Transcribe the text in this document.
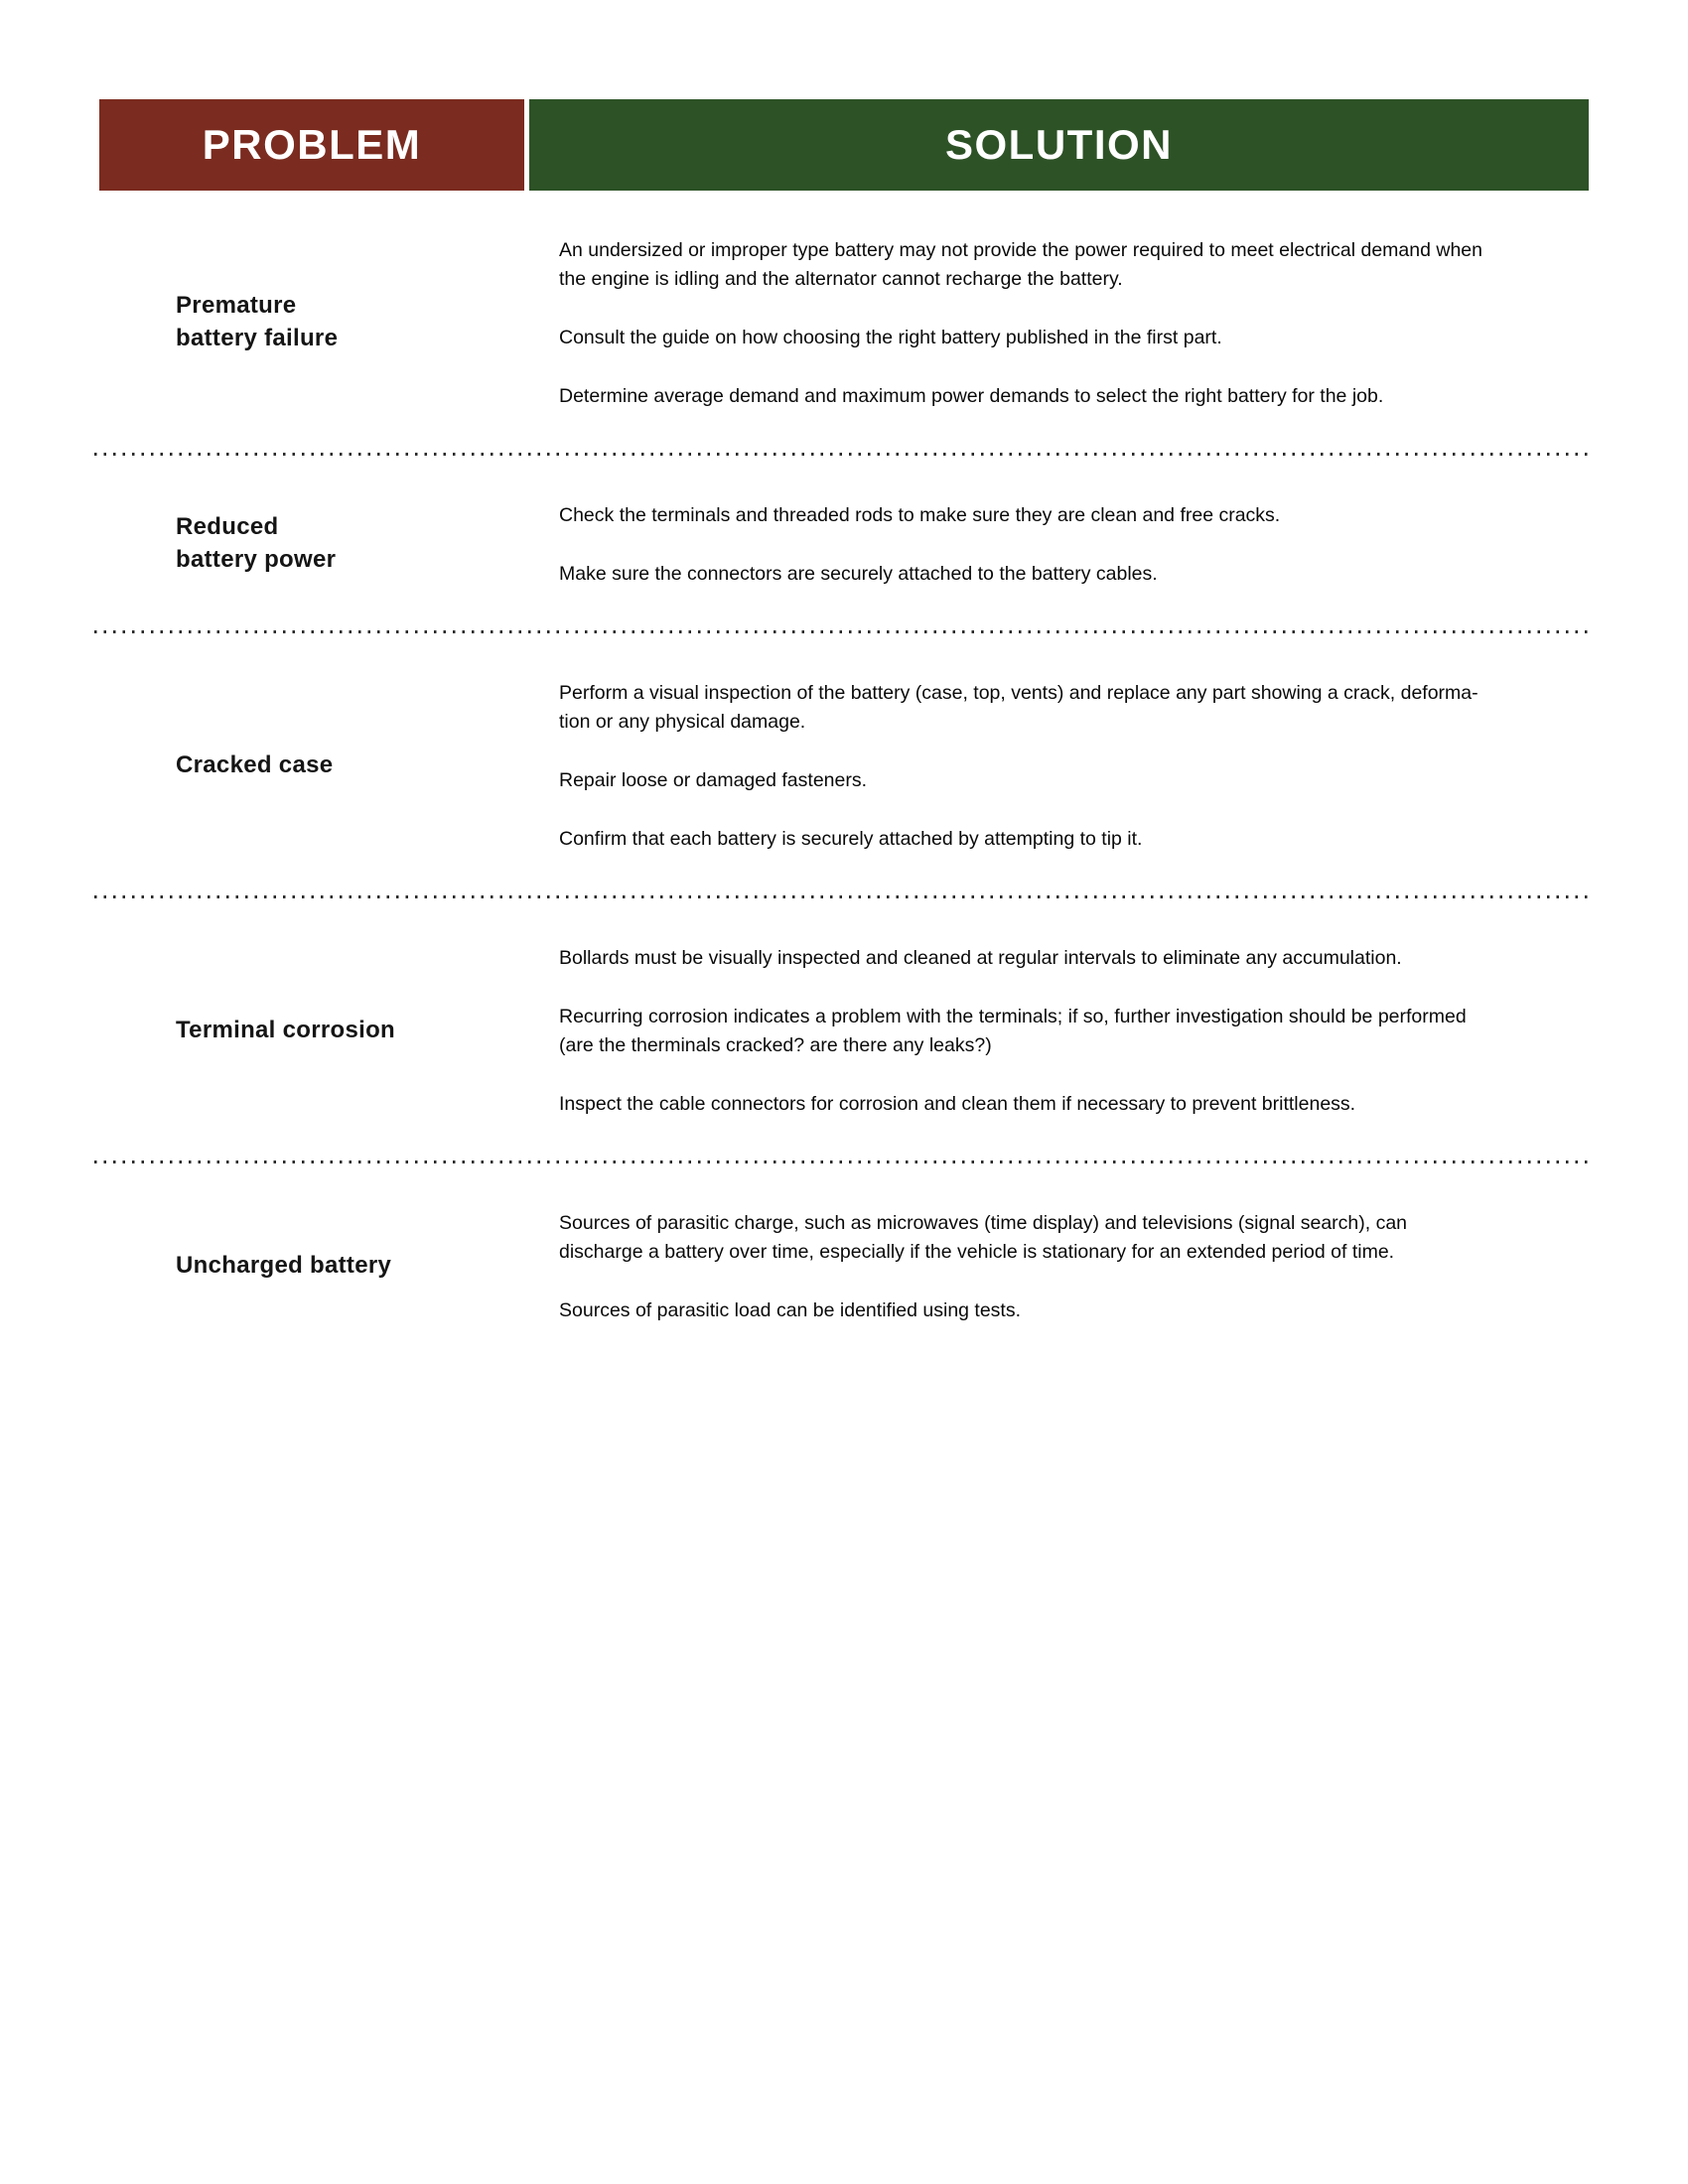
PROBLEM	SOLUTION
Premature
battery failure
An undersized or improper type battery may not provide the power required to meet electrical demand when
the engine is idling and the alternator cannot recharge the battery.
Consult the guide on how choosing the right battery published in the first part.
Determine average demand and maximum power demands to select the right battery for the job.
Reduced
battery power
Check the terminals and threaded rods to make sure they are clean and free cracks.
Make sure the connectors are securely attached to the battery cables.
Cracked case
Perform a visual inspection of the battery (case, top, vents) and replace any part showing a crack, deforma-
tion or any physical damage.
Repair loose or damaged fasteners.
Confirm that each battery is securely attached by attempting to tip it.
Terminal corrosion
Bollards must be visually inspected and cleaned at regular intervals to eliminate any accumulation.
Recurring corrosion indicates a problem with the terminals; if so, further investigation should be performed
(are the therminals cracked? are there any leaks?)
Inspect the cable connectors for corrosion and clean them if necessary to prevent brittleness.
Uncharged battery
Sources of parasitic charge, such as microwaves (time display) and televisions (signal search), can
discharge a battery over time, especially if the vehicle is stationary for an extended period of time.
Sources of parasitic load can be identified using tests.
